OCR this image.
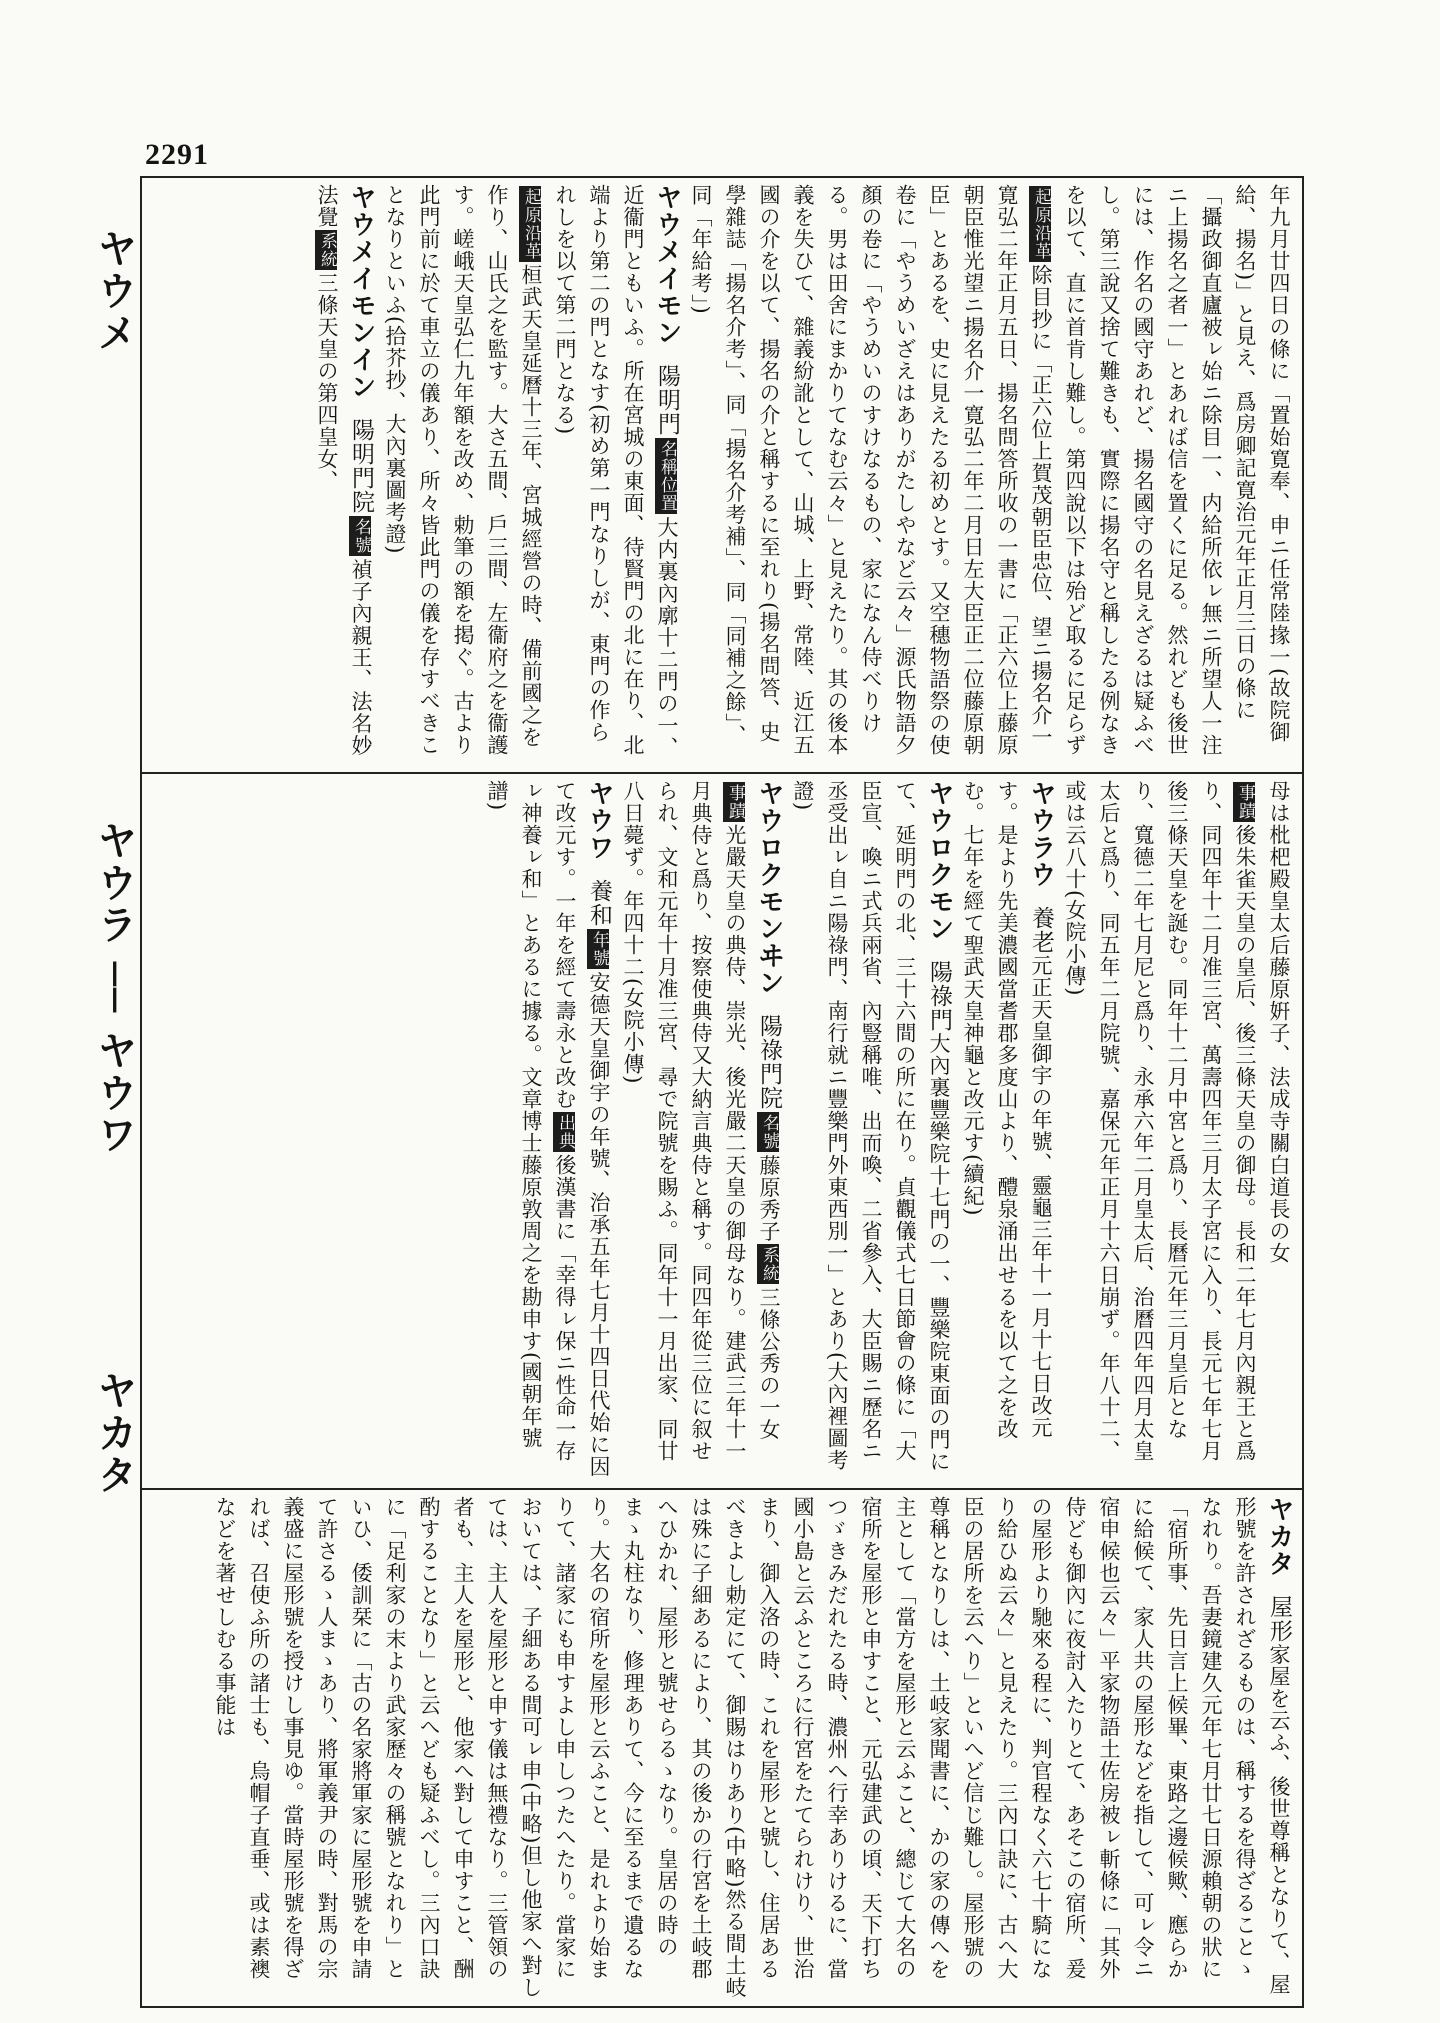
2291
ヤウメ
ヤウラ ── ヤウワ
ヤカタ

年九月廿四日の條に「置始寛奉、申ニ任常陸掾一(故院御給、揚名)」と見え、爲房卿記寛治元年正月三日の條に「攝政御直廬被ㇾ始ニ除目一、内給所依ㇾ無ニ所望人一注ニ上揚名之者一」とあれば信を置くに足る。然れども後世には、作名の國守あれど、揚名國守の名見えざるは疑ふべし。第三說又捨て難きも、實際に揚名守と稱したる例なきを以て、直に首肯し難し。第四說以下は殆ど取るに足らず

起原沿革除目抄に「正六位上賀茂朝臣忠位、望ニ揚名介一寛弘二年正月五日、揚名問答所收の一書に「正六位上藤原朝臣惟光望ニ揚名介一寛弘二年二月日左大臣正二位藤原朝臣」とあるを、史に見えたる初めとす。又空穗物語祭の使卷に「やうめいざえはありがたしやなど云々」源氏物語夕顏の卷に「やうめいのすけなるもの、家になん侍べりける。男は田舍にまかりてなむ云々」と見えたり。其の後本義を失ひて、雜義紛訛として、山城、上野、常陸、近江五國の介を以て、揚名の介と稱するに至れり(揚名問答、史學雜誌「揚名介考」、同「揚名介考補」、同「同補之餘」、同「年給考」)

ヤウメイモン陽明門名稱位置大内裏內廓十二門の一、近衞門ともいふ。所在宮城の東面、待賢門の北に在り、北端より第二の門となす(初め第一門なりしが、東門の作られしを以て第二門となる)

起原沿革桓武天皇延曆十三年、宮城經營の時、備前國之を作り、山氏之を監す。大さ五間、戶三間、左衞府之を衞護す。嵯峨天皇弘仁九年額を改め、勅筆の額を掲ぐ。古より此門前に於て車立の儀あり、所々皆此門の儀を存すべきことなりといふ(拾芥抄、大內裏圖考證)

ヤウメイモンイン陽明門院名號禎子內親王、法名妙法覺系統三條天皇の第四皇女、

母は枇杷殿皇太后藤原姸子、法成寺關白道長の女

事蹟後朱雀天皇の皇后、後三條天皇の御母。長和二年七月內親王と爲り、同四年十二月准三宮、萬壽四年三月太子宮に入り、長元七年七月後三條天皇を誕む。同年十二月中宮と爲り、長曆元年三月皇后となり、寬德二年七月尼と爲り、永承六年二月皇太后、治曆四年四月太皇太后と爲り、同五年二月院號、嘉保元年正月十六日崩ず。年八十二、或は云八十(女院小傳)

ヤウラウ養老元正天皇御宇の年號、靈龜三年十一月十七日改元す。是より先美濃國當耆郡多度山より、醴泉涌出せるを以て之を改む。七年を經て聖武天皇神龜と改元す(續紀)

ヤウロクモン陽祿門大內裏豐樂院十七門の一、豐樂院東面の門にて、延明門の北、三十六間の所に在り。貞觀儀式七日節會の條に「大臣宣、喚ニ式兵兩省、內豎稱唯、出而喚、二省參入、大臣賜ニ歷名ニ丞受出ㇾ自ニ陽祿門、南行就ニ豐樂門外東西別一」とあり(大內裡圖考證)

ヤウロクモンヰン陽祿門院名號藤原秀子系統三條公秀の一女事蹟光嚴天皇の典侍、崇光、後光嚴二天皇の御母なり。建武三年十一月典侍と爲り、按察使典侍又大納言典侍と稱す。同四年從三位に叙せられ、文和元年十月准三宮、尋で院號を賜ふ。同年十一月出家、同廿八日薨ず。年四十二(女院小傳)

ヤウワ養和年號安德天皇御宇の年號、治承五年七月十四日代始に因て改元す。一年を經て壽永と改む出典後漢書に「幸得ㇾ保ニ性命一存ㇾ神養ㇾ和」とあるに據る。文章博士藤原敦周之を勘申す(國朝年號譜)

ヤカタ屋形家屋を云ふ、後世尊稱となりて、屋形號を許されざるものは、稱するを得ざることゝなれり。吾妻鏡建久元年七月廿七日源賴朝の狀に「宿所事、先日言上候畢、東路之邊候歟、應らかに給候て、家人共の屋形などを指して、可ㇾ令ニ宿申候也云々」平家物語土佐房被ㇾ斬條に「其外侍ども御內に夜討入たりとて、あそこの宿所、爰の屋形より馳來る程に、判官程なく六七十騎になり給ひぬ云々」と見えたり。三內口訣に、古へ大臣の居所を云へり」といへど信じ難し。屋形號の尊稱となりしは、土岐家聞書に、かの家の傳へを主として「當方を屋形と云ふこと、總じて大名の宿所を屋形と申すこと、元弘建武の頃、天下打ちつゞきみだれたる時、濃州へ行幸ありけるに、當國小島と云ふところに行宮をたてられけり、世治まり、御入洛の時、これを屋形と號し、住居あるべきよし勅定にて、御賜はりあり(中略)然る間土岐は殊に子細あるにより、其の後かの行宮を土岐郡へひかれ、屋形と號せらるゝなり。皇居の時のまゝ丸柱なり、修理ありて、今に至るまで遺るなり。大名の宿所を屋形と云ふこと、是れより始まりて、諸家にも申すよし申しつたへたり。當家においては、子細ある間可ㇾ申(中略)但し他家へ對しては、主人を屋形と申す儀は無禮なり。三管領の者も、主人を屋形と、他家へ對して申すこと、酬酌することなり」と云へども疑ふべし。三內口訣に「足利家の末より武家歷々の稱號となれり」といひ、倭訓栞に「古の名家將軍家に屋形號を申請て許さるゝ人まゝあり、將軍義尹の時、對馬の宗義盛に屋形號を授けし事見ゆ。當時屋形號を得ざれば、召使ふ所の諸士も、烏帽子直垂、或は素襖などを著せしむる事能は
